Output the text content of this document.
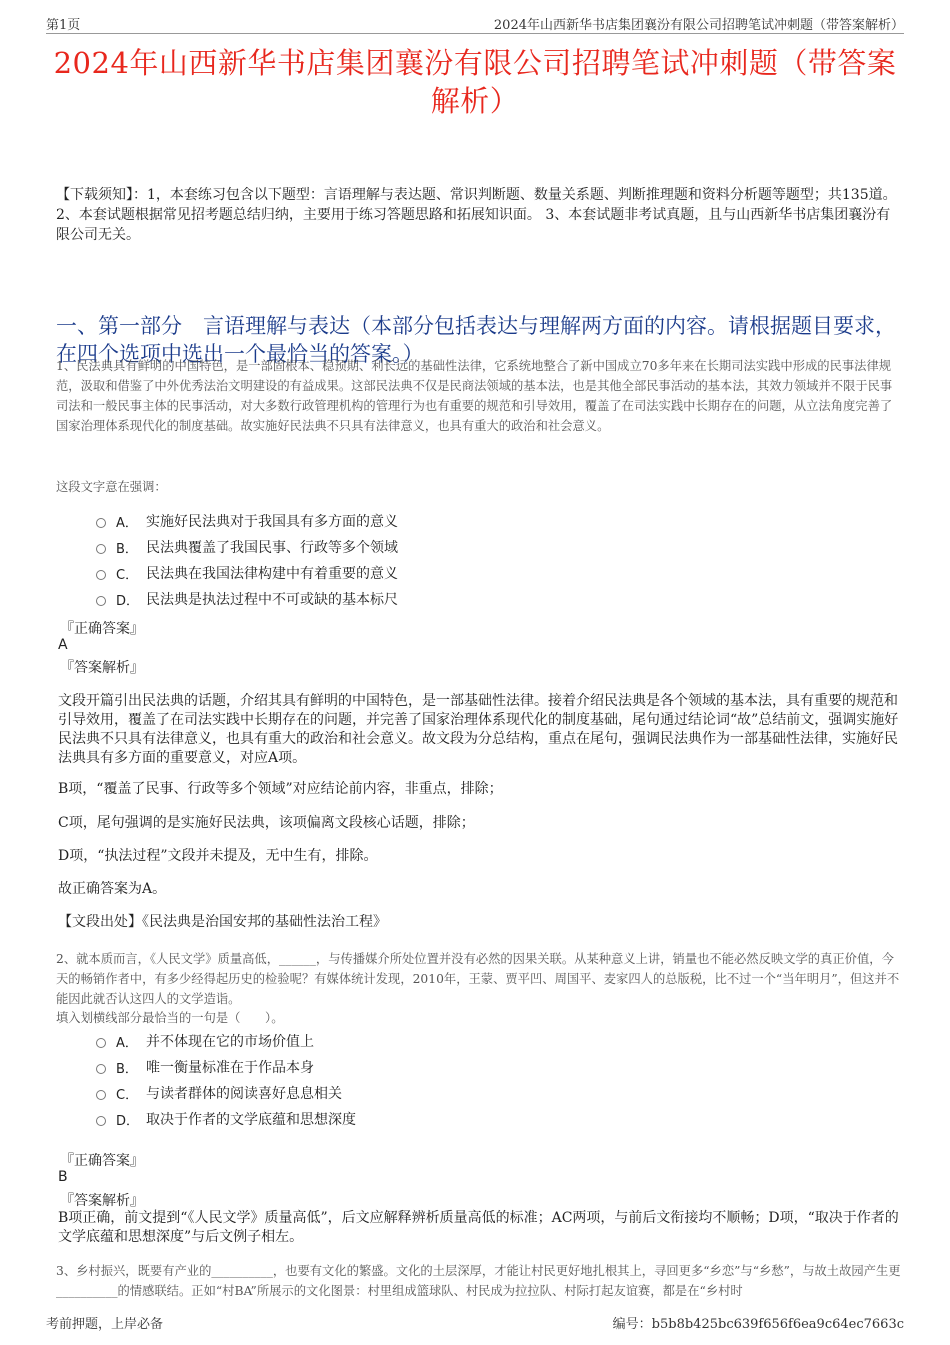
第1页	2024年山西新华书店集团襄汾有限公司招聘笔试冲刺题（带答案解析）
2024年山西新华书店集团襄汾有限公司招聘笔试冲刺题（带答案解析）
【下载须知】：1，本套练习包含以下题型：言语理解与表达题、常识判断题、数量关系题、判断推理题和资料分析题等题型；共135道。 2、本套试题根据常见招考题总结归纳，主要用于练习答题思路和拓展知识面。 3、本套试题非考试真题，且与山西新华书店集团襄汾有限公司无关。
一、第一部分　言语理解与表达（本部分包括表达与理解两方面的内容。请根据题目要求，在四个选项中选出一个最恰当的答案。）
1、民法典具有鲜明的中国特色，是一部固根本、稳预期、利长远的基础性法律，它系统地整合了新中国成立70多年来在长期司法实践中形成的民事法律规范，汲取和借鉴了中外优秀法治文明建设的有益成果。这部民法典不仅是民商法领域的基本法，也是其他全部民事活动的基本法，其效力领域并不限于民事司法和一般民事主体的民事活动，对大多数行政管理机构的管理行为也有重要的规范和引导效用，覆盖了在司法实践中长期存在的问题，从立法角度完善了国家治理体系现代化的制度基础。故实施好民法典不只具有法律意义，也具有重大的政治和社会意义。
这段文字意在强调：
A． 实施好民法典对于我国具有多方面的意义
B． 民法典覆盖了我国民事、行政等多个领域
C． 民法典在我国法律构建中有着重要的意义
D． 民法典是执法过程中不可或缺的基本标尺
『正确答案』
A
『答案解析』
文段开篇引出民法典的话题，介绍其具有鲜明的中国特色，是一部基础性法律。接着介绍民法典是各个领域的基本法，具有重要的规范和引导效用，覆盖了在司法实践中长期存在的问题，并完善了国家治理体系现代化的制度基础，尾句通过结论词“故”总结前文，强调实施好民法典不只具有法律意义，也具有重大的政治和社会意义。故文段为分总结构，重点在尾句，强调民法典作为一部基础性法律，实施好民法典具有多方面的重要意义，对应A项。
B项，“覆盖了民事、行政等多个领域”对应结论前内容，非重点，排除；
C项，尾句强调的是实施好民法典，该项偏离文段核心话题，排除；
D项，“执法过程”文段并未提及，无中生有，排除。
故正确答案为A。
【文段出处】《民法典是治国安邦的基础性法治工程》
2、就本质而言，《人民文学》质量高低，______，与传播媒介所处位置并没有必然的因果关联。从某种意义上讲，销量也不能必然反映文学的真正价值，今天的畅销作者中，有多少经得起历史的检验呢？有媒体统计发现，2010年，王蒙、贾平凹、周国平、麦家四人的总版税，比不过一个“当年明月”，但这并不能因此就否认这四人的文学造诣。
填入划横线部分最恰当的一句是（　　）。
A． 并不体现在它的市场价值上
B． 唯一衡量标准在于作品本身
C． 与读者群体的阅读喜好息息相关
D． 取决于作者的文学底蕴和思想深度
『正确答案』
B
『答案解析』
B项正确，前文提到“《人民文学》质量高低”，后文应解释辨析质量高低的标准；AC两项，与前后文衔接均不顺畅；D项，“取决于作者的文学底蕴和思想深度”与后文例子相左。
3、乡村振兴，既要有产业的__________，也要有文化的繁盛。文化的土层深厚，才能让村民更好地扎根其上，寻回更多“乡恋”与“乡愁”，与故土故园产生更__________的情感联结。正如“村BA”所展示的文化图景：村里组成篮球队、村民成为拉拉队、村际打起友谊赛，都是在“乡村时
考前押题，上岸必备	编号：b5b8b425bc639f656f6ea9c64ec7663c
